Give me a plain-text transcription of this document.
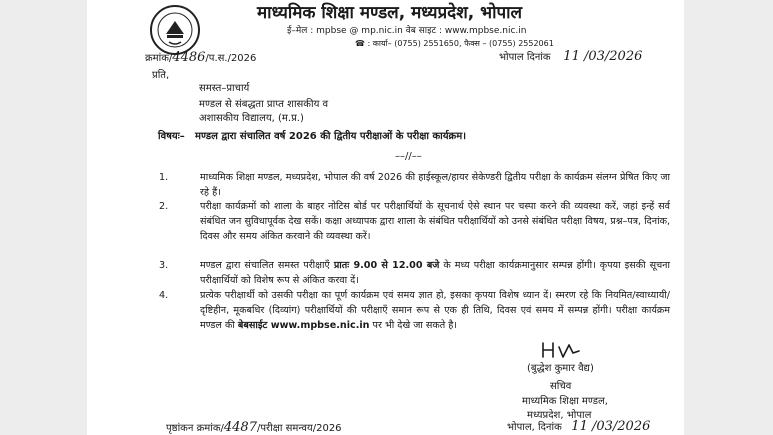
माध्यमिक शिक्षा मण्डल, मध्यप्रदेश, भोपाल
ई–मेल : mpbse @ mp.nic.in वेब साइट : www.mpbse.nic.in
☎ : कार्या– (0755) 2551650, फैक्स – (0755) 2552061
क्रमांक/4486/प.स./2026	भोपाल दिनांक 11 /03/2026
प्रति,
समस्त–प्राचार्य
मण्डल से संबद्धता प्राप्त शासकीय व
अशासकीय विद्यालय, (म.प्र.)
विषयः– मण्डल द्वारा संचालित वर्ष 2026 की द्वितीय परीक्षाओं के परीक्षा कार्यक्रम।
––//––
1.	माध्यमिक शिक्षा मण्डल, मध्यप्रदेश, भोपाल की वर्ष 2026 की हाईस्कूल/हायर सेकेण्डरी द्वितीय परीक्षा के कार्यक्रम संलग्न प्रेषित किए जा रहे हैं।
2.	परीक्षा कार्यक्रमों को शाला के बाहर नोटिस बोर्ड पर परीक्षार्थियों के सूचनार्थ ऐसे स्थान पर चस्पा करने की व्यवस्था करें, जहां इन्हें सर्व संबंधित जन सुविधापूर्वक देख सकें। कक्षा अध्यापक द्वारा शाला के संबंधित परीक्षार्थियों को उनसे संबंधित परीक्षा विषय, प्रश्न–पत्र, दिनांक, दिवस और समय अंकित करवाने की व्यवस्था करें।
3.	मण्डल द्वारा संचालित समस्त परीक्षाएँ प्रातः 9.00 से 12.00 बजे के मध्य परीक्षा कार्यक्रमानुसार सम्पन्न होंगी। कृपया इसकी सूचना परीक्षार्थियों को विशेष रूप से अंकित करवा दें।
4.	प्रत्येक परीक्षार्थी को उसकी परीक्षा का पूर्ण कार्यक्रम एवं समय ज्ञात हो, इसका कृपया विशेष ध्यान दें। स्मरण रहे कि नियमित/स्वाध्यायी/दृष्टिहीन, मूकबधिर (दिव्यांग) परीक्षार्थियों की परीक्षाएँ समान रूप से एक ही तिथि, दिवस एवं समय में सम्पन्न होंगी। परीक्षा कार्यक्रम मण्डल की बेबसाईट www.mpbse.nic.in पर भी देखे जा सकते है।
(बुद्धेश कुमार वैद्य)
सचिव
माध्यमिक शिक्षा मण्डल,
मध्यप्रदेश, भोपाल
पृष्ठांकन क्रमांक/4487/परीक्षा समन्वय/2026	भोपाल, दिनांक 11 /03/2026
